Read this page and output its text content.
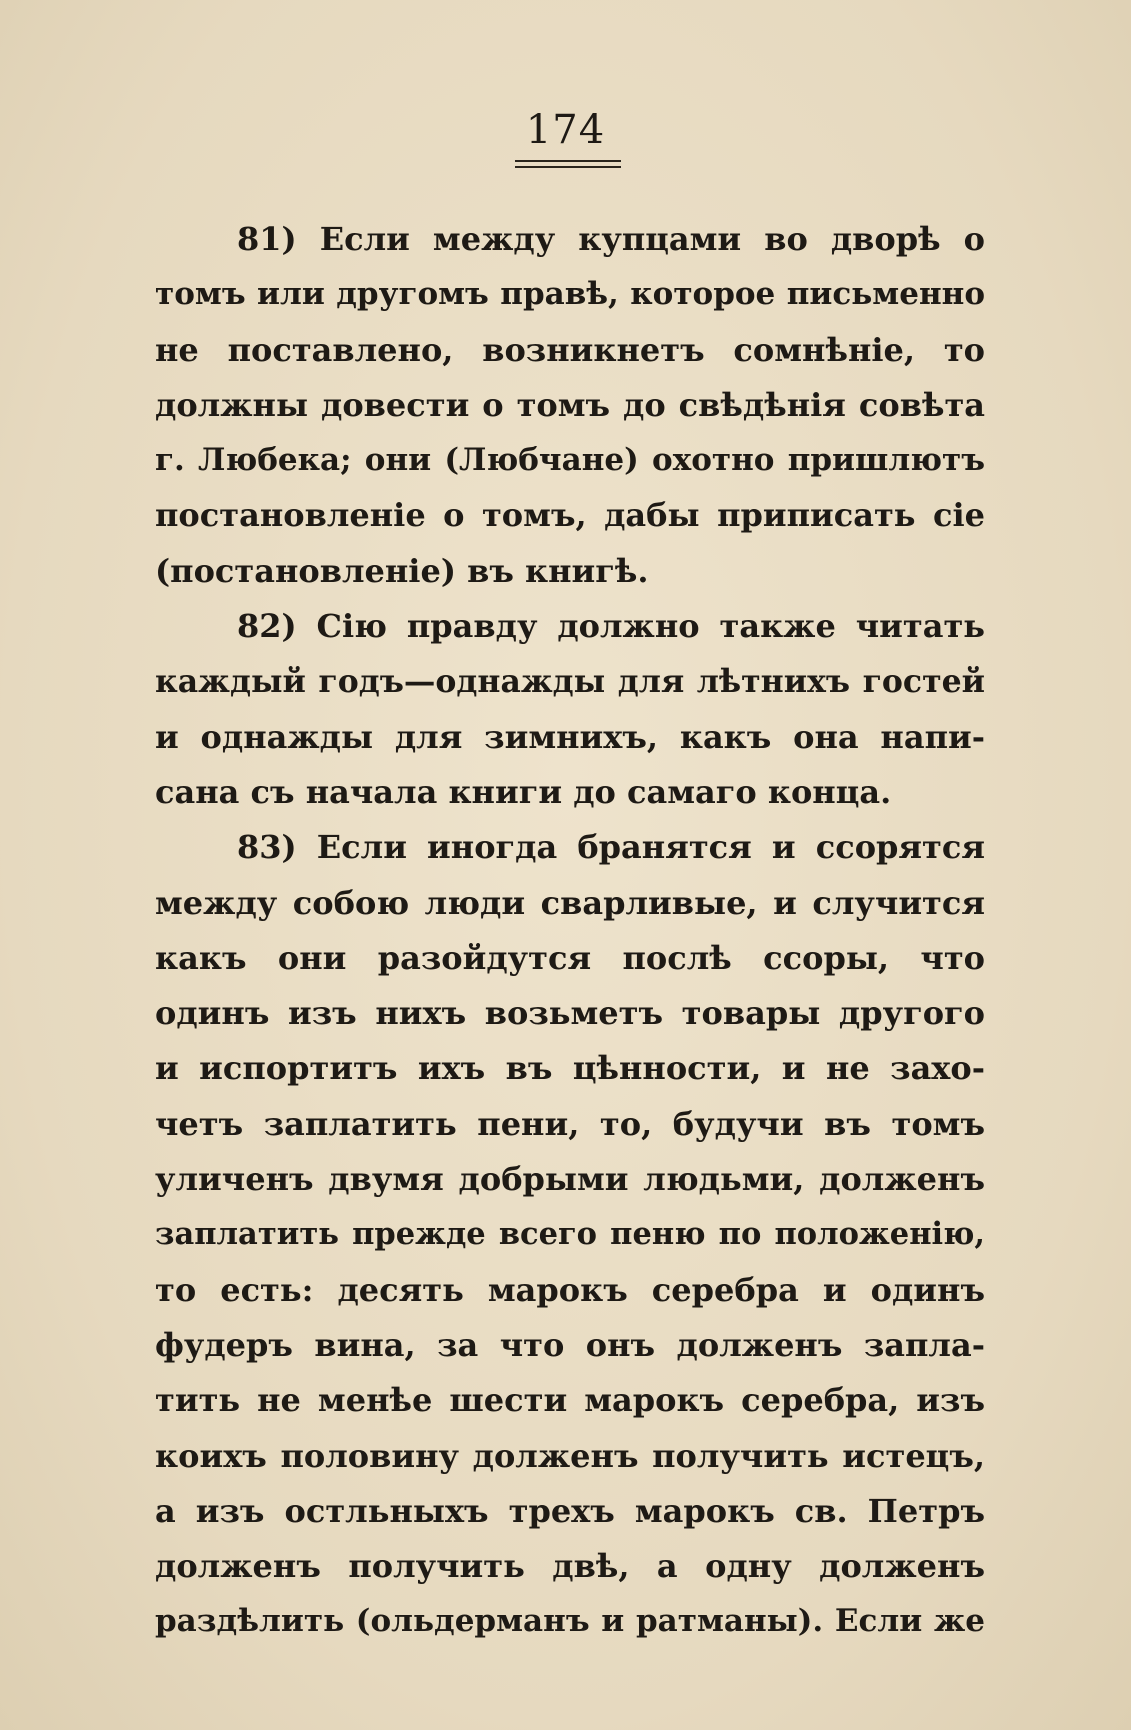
174
81) Если между купцами во дворѣ о
томъ или другомъ правѣ, которое письменно
не поставлено, возникнетъ сомнѣніе, то
должны довести о томъ до свѣдѣнія совѣта
г. Любека; они (Любчане) охотно пришлютъ
постановленіе о томъ, дабы приписать сіе
(постановленіе) въ книгѣ.
82) Сію правду должно также читать
каждый годъ—однажды для лѣтнихъ гостей
и однажды для зимнихъ, какъ она напи-
сана съ начала книги до самаго конца.
83) Если иногда бранятся и ссорятся
между собою люди сварливые, и случится
какъ они разойдутся послѣ ссоры, что
одинъ изъ нихъ возьметъ товары другого
и испортитъ ихъ въ цѣнности, и не захо-
четъ заплатить пени, то, будучи въ томъ
уличенъ двумя добрыми людьми, долженъ
заплатить прежде всего пеню по положенію,
то есть: десять марокъ серебра и одинъ
фудеръ вина, за что онъ долженъ запла-
тить не менѣе шести марокъ серебра, изъ
коихъ половину долженъ получить истецъ,
а изъ остльныхъ трехъ марокъ св. Петръ
долженъ получить двѣ, а одну долженъ
раздѣлить (ольдерманъ и ратманы). Если же
